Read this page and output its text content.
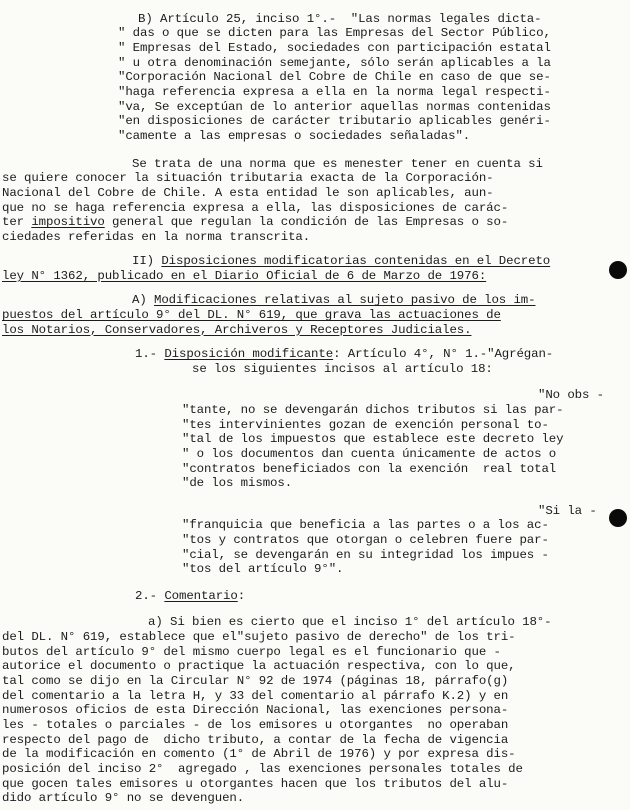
B) Artículo 25, inciso 1°.-  "Las normas legales dicta-
" das o que se dicten para las Empresas del Sector Público,
" Empresas del Estado, sociedades con participación estatal
" u otra denominación semejante, sólo serán aplicables a la
"Corporación Nacional del Cobre de Chile en caso de que se-
"haga referencia expresa a ella en la norma legal respecti-
"va, Se exceptúan de lo anterior aquellas normas contenidas
"en disposiciones de carácter tributario aplicables genéri-
"camente a las empresas o sociedades señaladas".
Se trata de una norma que es menester tener en cuenta si
se quiere conocer la situación tributaria exacta de la Corporación-
Nacional del Cobre de Chile. A esta entidad le son aplicables, aun-
que no se haga referencia expresa a ella, las disposiciones de carác-
ter impositivo general que regulan la condición de las Empresas o so-
ciedades referidas en la norma transcrita.
II) Disposiciones modificatorias contenidas en el Decreto
ley N° 1362, publicado en el Diario Oficial de 6 de Marzo de 1976:
A) Modificaciones relativas al sujeto pasivo de los im-
puestos del artículo 9° del DL. N° 619, que grava las actuaciones de
los Notarios, Conservadores, Archiveros y Receptores Judiciales.
1.- Disposición modificante: Artículo 4°, N° 1.-"Agrégan-
se los siguientes incisos al artículo 18:
"No obs -
"tante, no se devengarán dichos tributos si las par-
"tes intervinientes gozan de exención personal to-
"tal de los impuestos que establece este decreto ley
" o los documentos dan cuenta únicamente de actos o
"contratos beneficiados con la exención  real total
"de los mismos.
"Si la -
"franquicia que beneficia a las partes o a los ac-
"tos y contratos que otorgan o celebren fuere par-
"cial, se devengarán en su integridad los impues -
"tos del artículo 9°".
2.- Comentario:
a) Si bien es cierto que el inciso 1° del artículo 18°-
del DL. N° 619, establece que el"sujeto pasivo de derecho" de los tri-
butos del artículo 9° del mismo cuerpo legal es el funcionario que -
autorice el documento o practique la actuación respectiva, con lo que,
tal como se dijo en la Circular N° 92 de 1974 (páginas 18, párrafo(g)
del comentario a la letra H, y 33 del comentario al párrafo K.2) y en
numerosos oficios de esta Dirección Nacional, las exenciones persona-
les - totales o parciales - de los emisores u otorgantes  no operaban
respecto del pago de  dicho tributo, a contar de la fecha de vigencia
de la modificación en comento (1° de Abril de 1976) y por expresa dis-
posición del inciso 2°  agregado , las exenciones personales totales de
que gocen tales emisores u otorgantes hacen que los tributos del alu-
dido artículo 9° no se devenguen.
